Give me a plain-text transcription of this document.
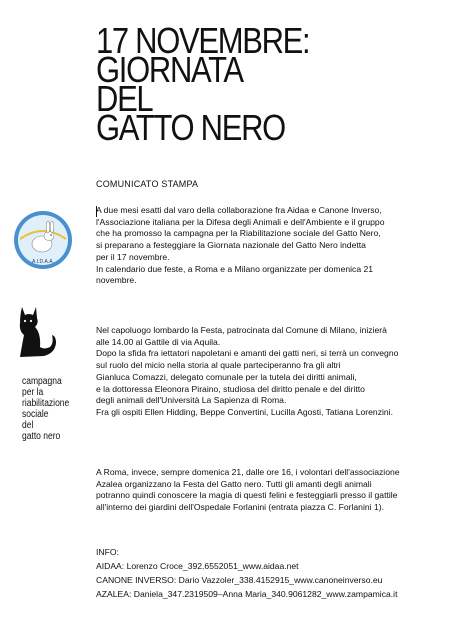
17 NOVEMBRE:
GIORNATA
DEL
GATTO NERO
COMUNICATO STAMPA
A.I.D.A.A.
campagna
per la
riabilitazione
sociale
del
gatto nero
A due mesi esatti dal varo della collaborazione fra Aidaa e Canone Inverso,
l'Associazione italiana per la Difesa degli Animali e dell'Ambiente e il gruppo
che ha promosso la campagna per la Riabilitazione sociale del Gatto Nero,
si preparano a festeggiare la Giornata nazionale del Gatto Nero indetta
per il 17 novembre.
In calendario due feste, a Roma e a Milano organizzate per domenica 21
novembre.
Nel capoluogo lombardo la Festa, patrocinata dal Comune di Milano, inizierà
alle 14.00 al Gattile di via Aquila.
Dopo la sfida fra iettatori napoletani e amanti dei gatti neri, si terrà un convegno
sul ruolo del micio nella storia al quale parteciperanno fra gli altri
Gianluca Comazzi, delegato comunale per la tutela dei diritti animali,
e la dottoressa Eleonora Piraino, studiosa del diritto penale e del diritto
degli animali dell'Università La Sapienza di Roma.
Fra gli ospiti Ellen Hidding, Beppe Convertini, Lucilla Agosti, Tatiana Lorenzini.
A Roma, invece, sempre domenica 21, dalle ore 16, i volontari dell'associazione
Azalea organizzano la Festa del Gatto nero. Tutti gli amanti degli animali
potranno quindi conoscere la magia di questi felini e festeggiarli presso il gattile
all'interno dei giardini dell'Ospedale Forlanini (entrata piazza C. Forlanini 1).
INFO:
AIDAA: Lorenzo Croce_392.6552051_www.aidaa.net
CANONE INVERSO: Dario Vazzoler_338.4152915_www.canoneinverso.eu
AZALEA: Daniela_347.2319509–Anna Maria_340.9061282_www.zampamica.it
